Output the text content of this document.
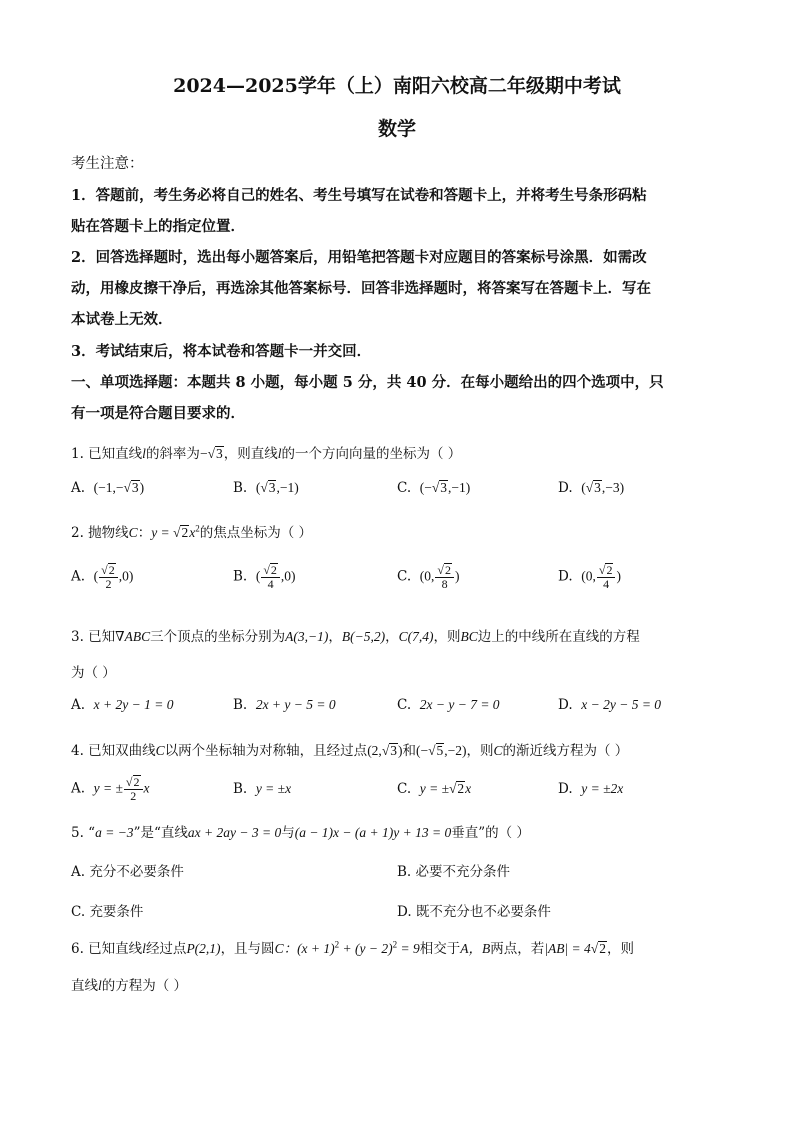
2024—2025学年（上）南阳六校高二年级期中考试
数学
考生注意：
1．答题前，考生务必将自己的姓名、考生号填写在试卷和答题卡上，并将考生号条形码粘
贴在答题卡上的指定位置．
2．回答选择题时，选出每小题答案后，用铅笔把答题卡对应题目的答案标号涂黑．如需改
动，用橡皮擦干净后，再选涂其他答案标号．回答非选择题时，将答案写在答题卡上．写在
本试卷上无效．
3．考试结束后，将本试卷和答题卡一并交回．
一、单项选择题：本题共 8 小题，每小题 5 分，共 40 分．在每小题给出的四个选项中，只
有一项是符合题目要求的．
1. 已知直线l的斜率为−√3，则直线l的一个方向向量的坐标为（ ）
A. (−1,−√3)	B. (√3,−1)	C. (−√3,−1)	D. (√3,−3)
2. 抛物线C：$y = √2x^2$的焦点坐标为（ ）
A. ( $\frac{√2}{2} ,0$)	B. ( $\frac{√2}{4} ,0$)	C. (0, $\frac{√2}{8}$ )	D. (0, $\frac{√2}{4}$ )
3. 已知∇ABC三个顶点的坐标分别为A(3,−1)，B(−5,2)，C(7,4)，则BC边上的中线所在直线的方程
为（ ）
A. x + 2y − 1 = 0	B. 2x + y − 5 = 0	C. 2x − y − 7 = 0	D. x − 2y − 5 = 0
4. 已知双曲线C以两个坐标轴为对称轴，且经过点(2,√3)和(−√5,−2)，则C的渐近线方程为（ ）
A. y = ± $\frac{√2}{2}$ x	B. y = ±x	C. y = ±√2x	D. y = ±2x
5. “a = −3”是“直线ax + 2ay − 3 = 0与(a − 1)x − (a + 1)y + 13 = 0垂直”的（ ）
A. 充分不必要条件	B. 必要不充分条件
C. 充要条件	D. 既不充分也不必要条件
6. 已知直线l经过点P(2,1)，且与圆C：$(x + 1)^2 + (y - 2)^2 = 9$相交于A，B两点，若|AB| = 4√2，则
直线l的方程为（ ）
